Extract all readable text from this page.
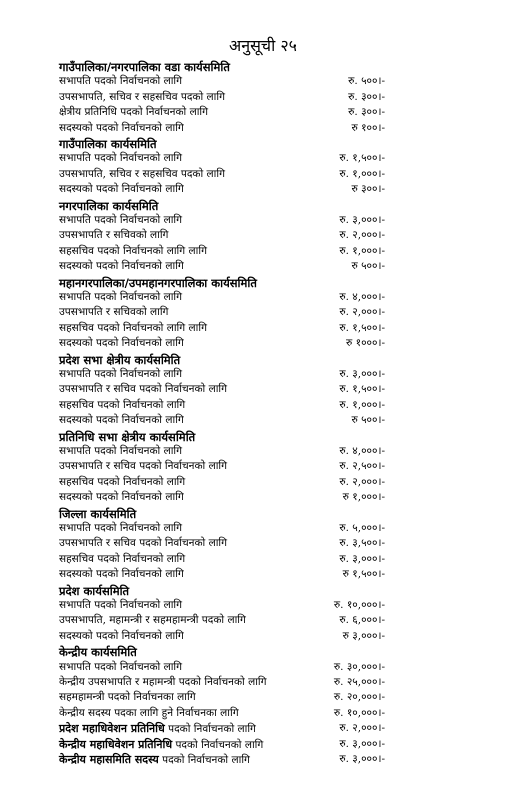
अनुसूची २५
गाउँपालिका/नगरपालिका वडा कार्यसमिति
सभापति पदको निर्वाचनको लागि	रु. ५००।-
उपसभापति, सचिव र सहसचिव पदको लागि	रु. ३००।-
क्षेत्रीय प्रतिनिधि पदको निर्वाचनको लागि	रु. ३००।-
सदस्यको पदको निर्वाचनको लागि	रु १००।-
गाउँपालिका कार्यसमिति
सभापति पदको निर्वाचनको लागि	रु. १,५००।-
उपसभापति, सचिव र सहसचिव पदको लागि	रु. १,०००।-
सदस्यको पदको निर्वाचनको लागि	रु ३००।-
नगरपालिका कार्यसमिति
सभापति पदको निर्वाचनको लागि	रु. ३,०००।-
उपसभापति र सचिवको लागि	रु. २,०००।-
सहसचिव पदको निर्वाचनको लागि लागि	रु. १,०००।-
सदस्यको पदको निर्वाचनको लागि	रु ५००।-
महानगरपालिका/उपमहानगरपालिका कार्यसमिति
सभापति पदको निर्वाचनको लागि	रु. ४,०००।-
उपसभापति र सचिवको लागि	रु. २,०००।-
सहसचिव पदको निर्वाचनको लागि लागि	रु. १,५००।-
सदस्यको पदको निर्वाचनको लागि	रु १०००।-
प्रदेश सभा क्षेत्रीय कार्यसमिति
सभापति पदको निर्वाचनको लागि	रु. ३,०००।-
उपसभापति र सचिव पदको निर्वाचनको लागि	रु. १,५००।-
सहसचिव पदको निर्वाचनको लागि	रु. १,०००।-
सदस्यको पदको निर्वाचनको लागि	रु ५००।-
प्रतिनिधि सभा क्षेत्रीय कार्यसमिति
सभापति पदको निर्वाचनको लागि	रु. ४,०००।-
उपसभापति र सचिव पदको निर्वाचनको लागि	रु. २,५००।-
सहसचिव पदको निर्वाचनको लागि	रु. २,०००।-
सदस्यको पदको निर्वाचनको लागि	रु १,०००।-
जिल्ला कार्यसमिति
सभापति पदको निर्वाचनको लागि	रु. ५,०००।-
उपसभापति र सचिव पदको निर्वाचनको लागि	रु. ३,५००।-
सहसचिव पदको निर्वाचनको लागि	रु. ३,०००।-
सदस्यको पदको निर्वाचनको लागि	रु १,५००।-
प्रदेश कार्यसमिति
सभापति पदको निर्वाचनको लागि	रु. १०,०००।-
उपसभापति, महामन्त्री र सहमहामन्त्री पदको लागि	रु. ६,०००।-
सदस्यको पदको निर्वाचनको लागि	रु ३,०००।-
केन्द्रीय कार्यसमिति
सभापति पदको निर्वाचनको लागि	रु. ३०,०००।-
केन्द्रीय उपसभापति र महामन्त्री पदको निर्वाचनको लागि	रु. २५,०००।-
सहमहामन्त्री पदको निर्वाचनका लागि	रु. २०,०००।-
केन्द्रीय सदस्य पदका लागि हुने निर्वाचनका लागि	रु. १०,०००।-
प्रदेश महाधिवेशन प्रतिनिधि पदको निर्वाचनको लागि	रु. २,०००।-
केन्द्रीय महाधिवेशन प्रतिनिधि पदको निर्वाचनको लागि	रु. ३,०००।-
केन्द्रीय महासमिति सदस्य पदको निर्वाचनको लागि	रु. ३,०००।-
